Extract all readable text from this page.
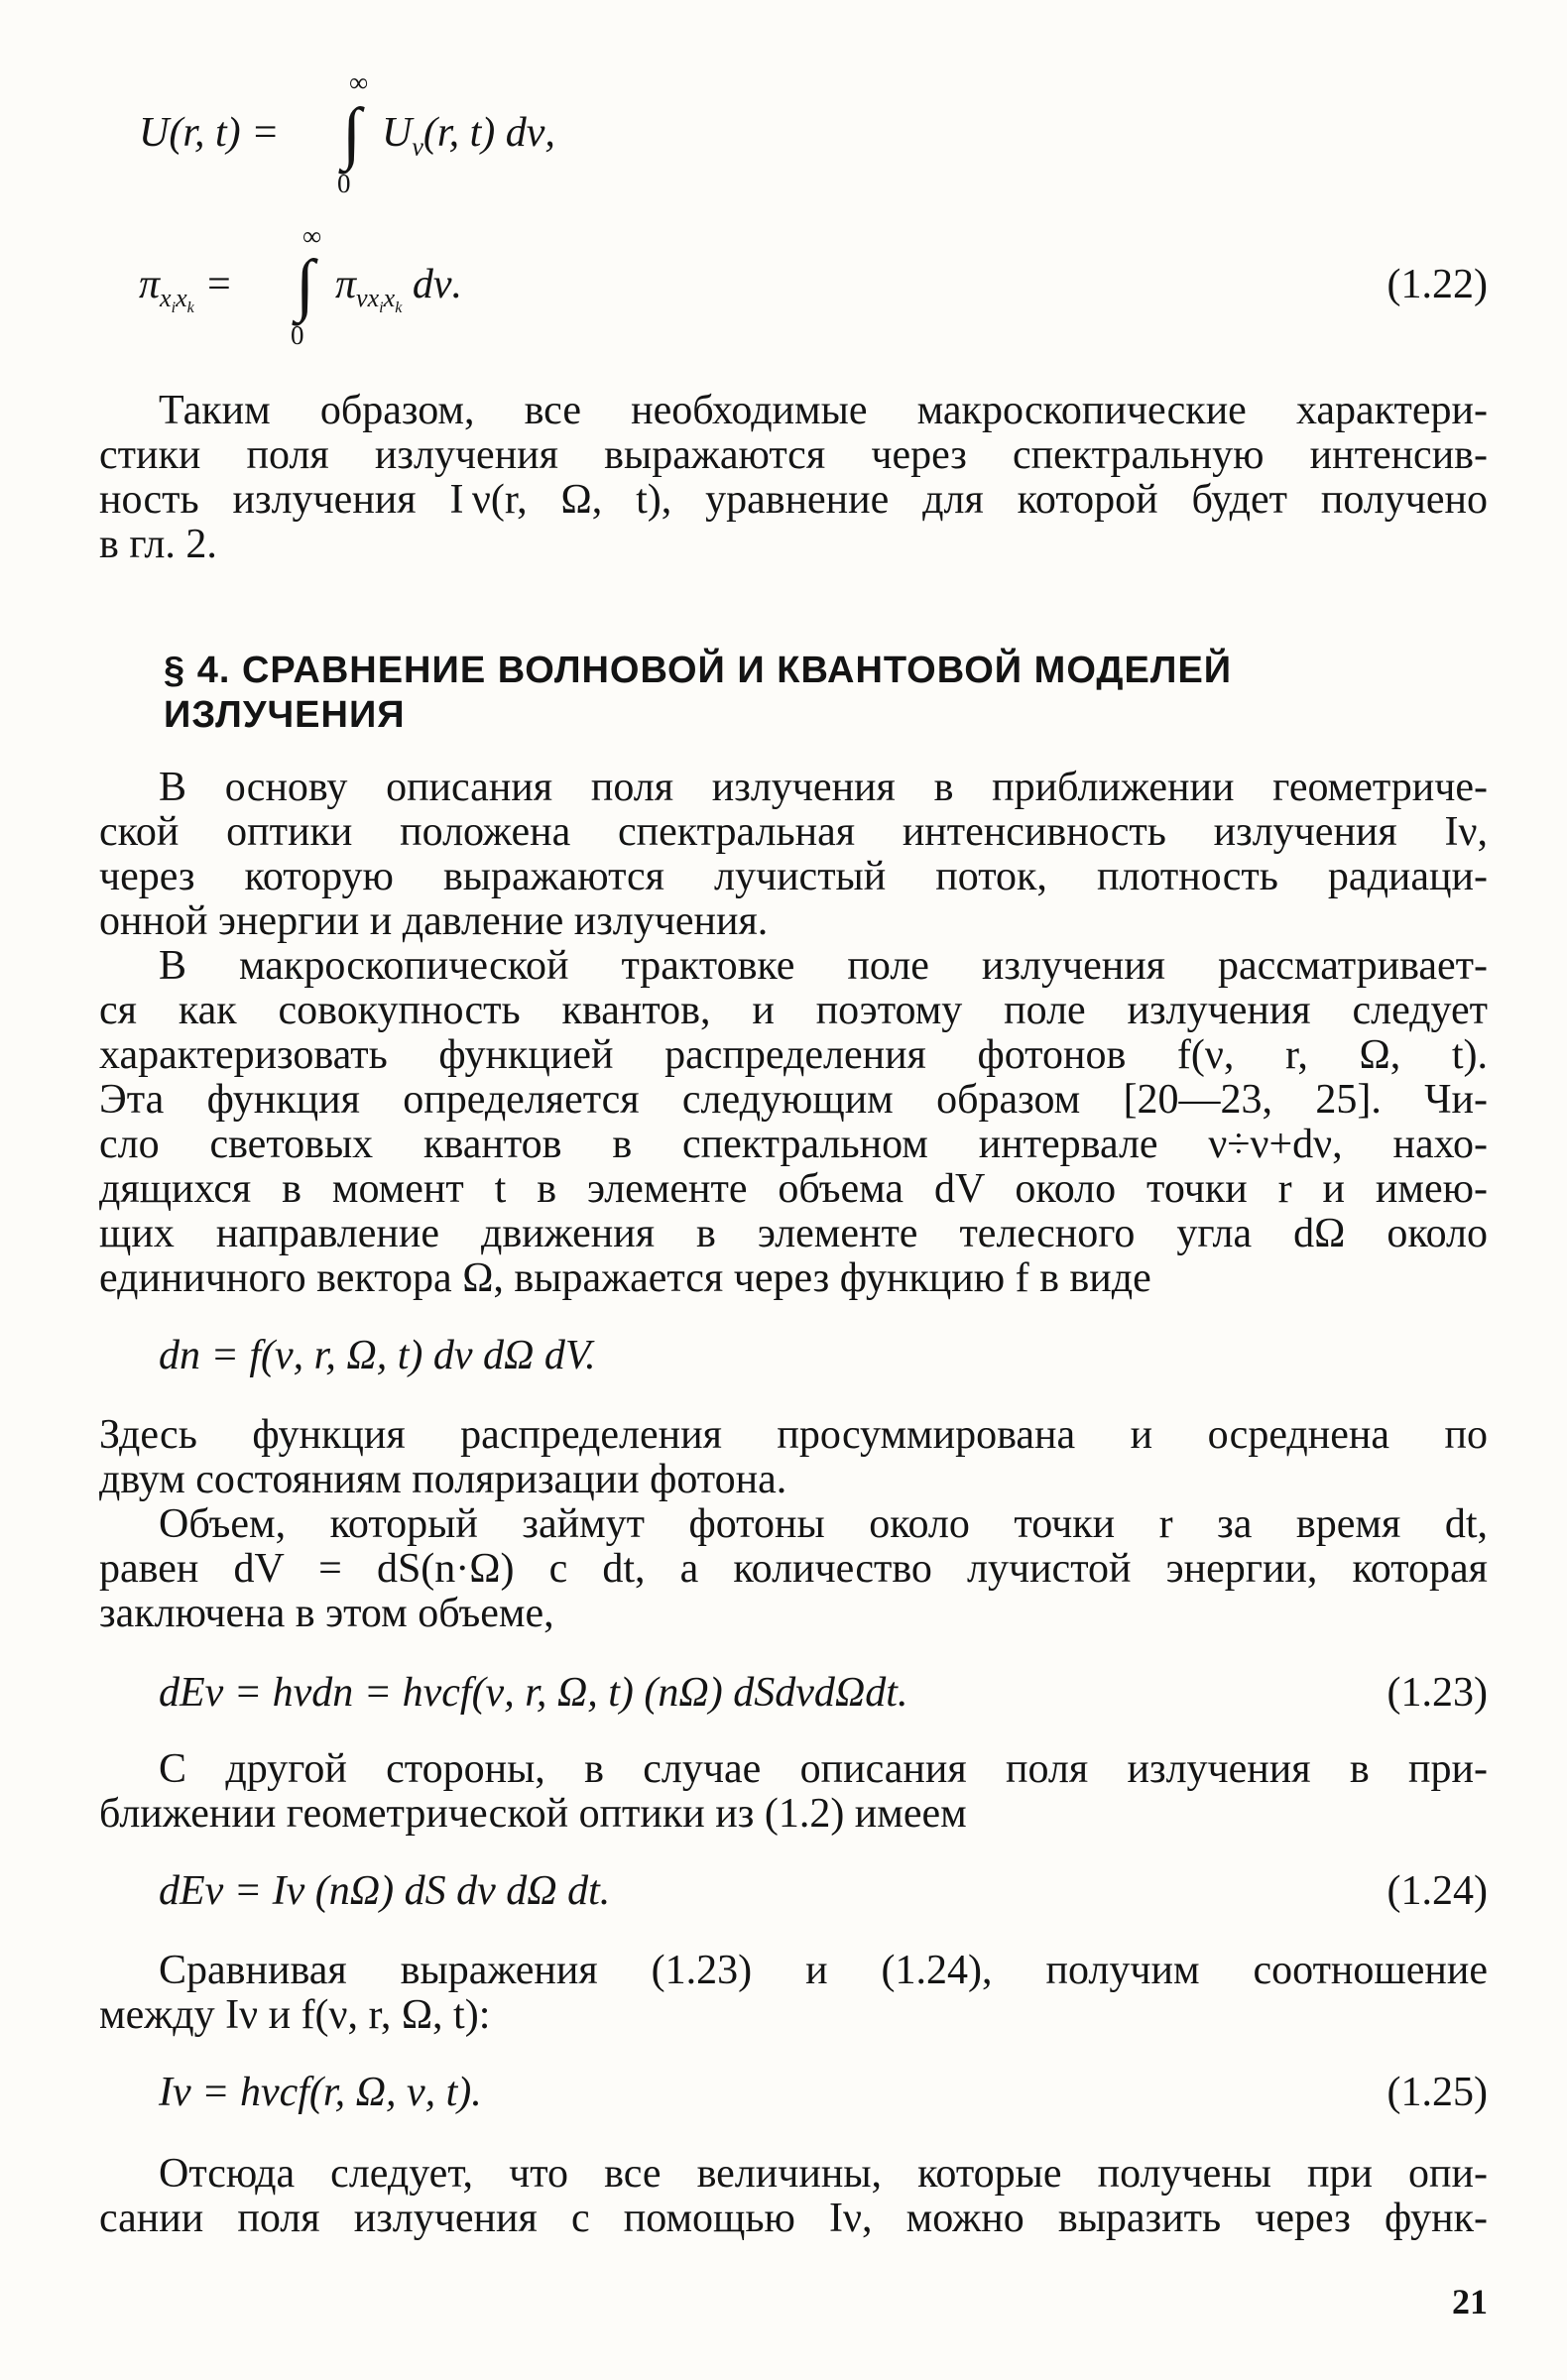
U(r, t) =
∞
∫
0
$U_\nu(r$, t) dν,
$\pi_{x_ix_k}$ =
∞
∫
0
$\pi_{\nu x_ix_k}$ dν.	(1.22)
Таким образом, все необходимые макроскопические характери-
стики поля излучения выражаются через спектральную интенсив-
ность излучения I ν(r, Ω, t), уравнение для которой будет получено
в гл. 2.
§ 4. СРАВНЕНИЕ ВОЛНОВОЙ И КВАНТОВОЙ МОДЕЛЕЙ
ИЗЛУЧЕНИЯ
В основу описания поля излучения в приближении геометриче-
ской оптики положена спектральная интенсивность излучения Iν,
через которую выражаются лучистый поток, плотность радиаци-
онной энергии и давление излучения.
В макроскопической трактовке поле излучения рассматривает-
ся как совокупность квантов, и поэтому поле излучения следует
характеризовать функцией распределения фотонов f(ν, r, Ω, t).
Эта функция определяется следующим образом [20—23, 25]. Чи-
сло световых квантов в спектральном интервале ν÷ν+dν, нахо-
дящихся в момент t в элементе объема dV около точки r и имею-
щих направление движения в элементе телесного угла dΩ около
единичного вектора Ω, выражается через функцию f в виде
dn = f(ν, r, Ω, t) dν dΩ dV.
Здесь функция распределения просуммирована и осреднена по
двум состояниям поляризации фотона.
Объем, который займут фотоны около точки r за время dt,
равен dV = dS(n·Ω) c dt, а количество лучистой энергии, которая
заключена в этом объеме,
dEν = hνdn = hνcf(ν, r, Ω, t) (nΩ) dSdνdΩdt.	(1.23)
С другой стороны, в случае описания поля излучения в при-
ближении геометрической оптики из (1.2) имеем
dEν = Iν (nΩ) dS dν dΩ dt.	(1.24)
Сравнивая выражения (1.23) и (1.24), получим соотношение
между Iν и f(ν, r, Ω, t):
Iν = hνcf(r, Ω, ν, t).	(1.25)
Отсюда следует, что все величины, которые получены при опи-
сании поля излучения с помощью Iν, можно выразить через функ-
21
